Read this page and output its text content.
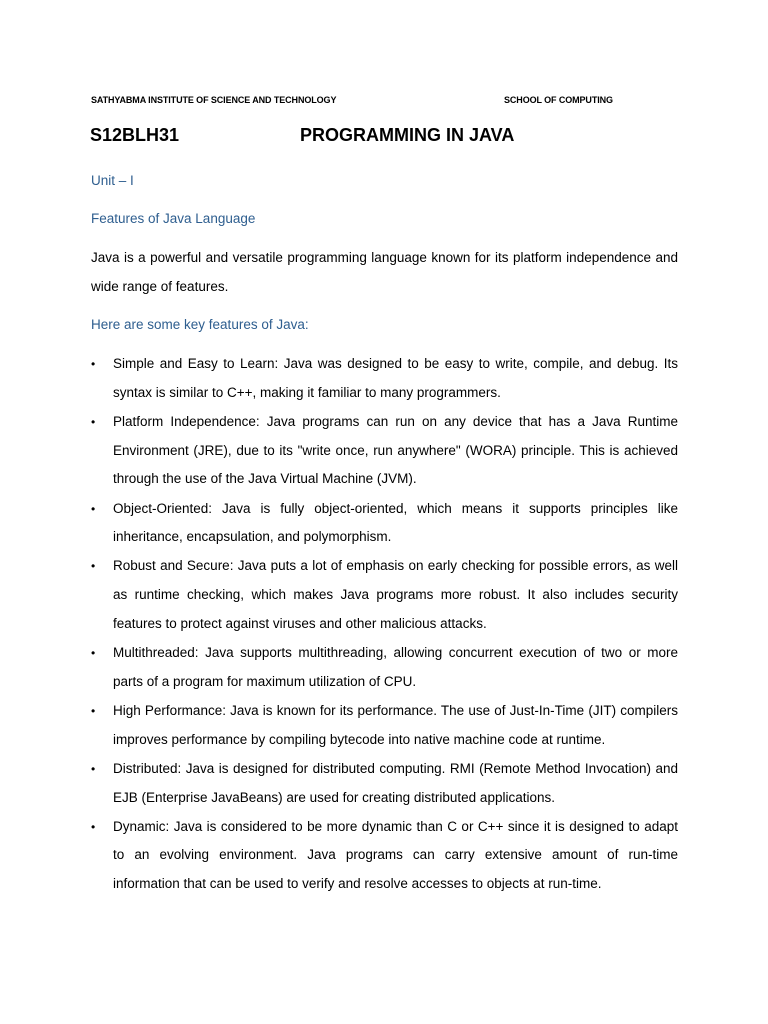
SATHYABMA INSTITUTE OF SCIENCE AND TECHNOLOGY	SCHOOL OF COMPUTING
S12BLH31	PROGRAMMING IN JAVA
Unit – I
Features of Java Language

Java is a powerful and versatile programming language known for its platform independence and wide range of features.

Here are some key features of Java:
• Simple and Easy to Learn: Java was designed to be easy to write, compile, and debug. Its syntax is similar to C++, making it familiar to many programmers.
• Platform Independence: Java programs can run on any device that has a Java Runtime Environment (JRE), due to its "write once, run anywhere" (WORA) principle. This is achieved through the use of the Java Virtual Machine (JVM).
• Object-Oriented: Java is fully object-oriented, which means it supports principles like inheritance, encapsulation, and polymorphism.
• Robust and Secure: Java puts a lot of emphasis on early checking for possible errors, as well as runtime checking, which makes Java programs more robust. It also includes security features to protect against viruses and other malicious attacks.
• Multithreaded: Java supports multithreading, allowing concurrent execution of two or more parts of a program for maximum utilization of CPU.
• High Performance: Java is known for its performance. The use of Just-In-Time (JIT) compilers improves performance by compiling bytecode into native machine code at runtime.
• Distributed: Java is designed for distributed computing. RMI (Remote Method Invocation) and EJB (Enterprise JavaBeans) are used for creating distributed applications.
• Dynamic: Java is considered to be more dynamic than C or C++ since it is designed to adapt to an evolving environment. Java programs can carry extensive amount of run-time information that can be used to verify and resolve accesses to objects at run-time.
